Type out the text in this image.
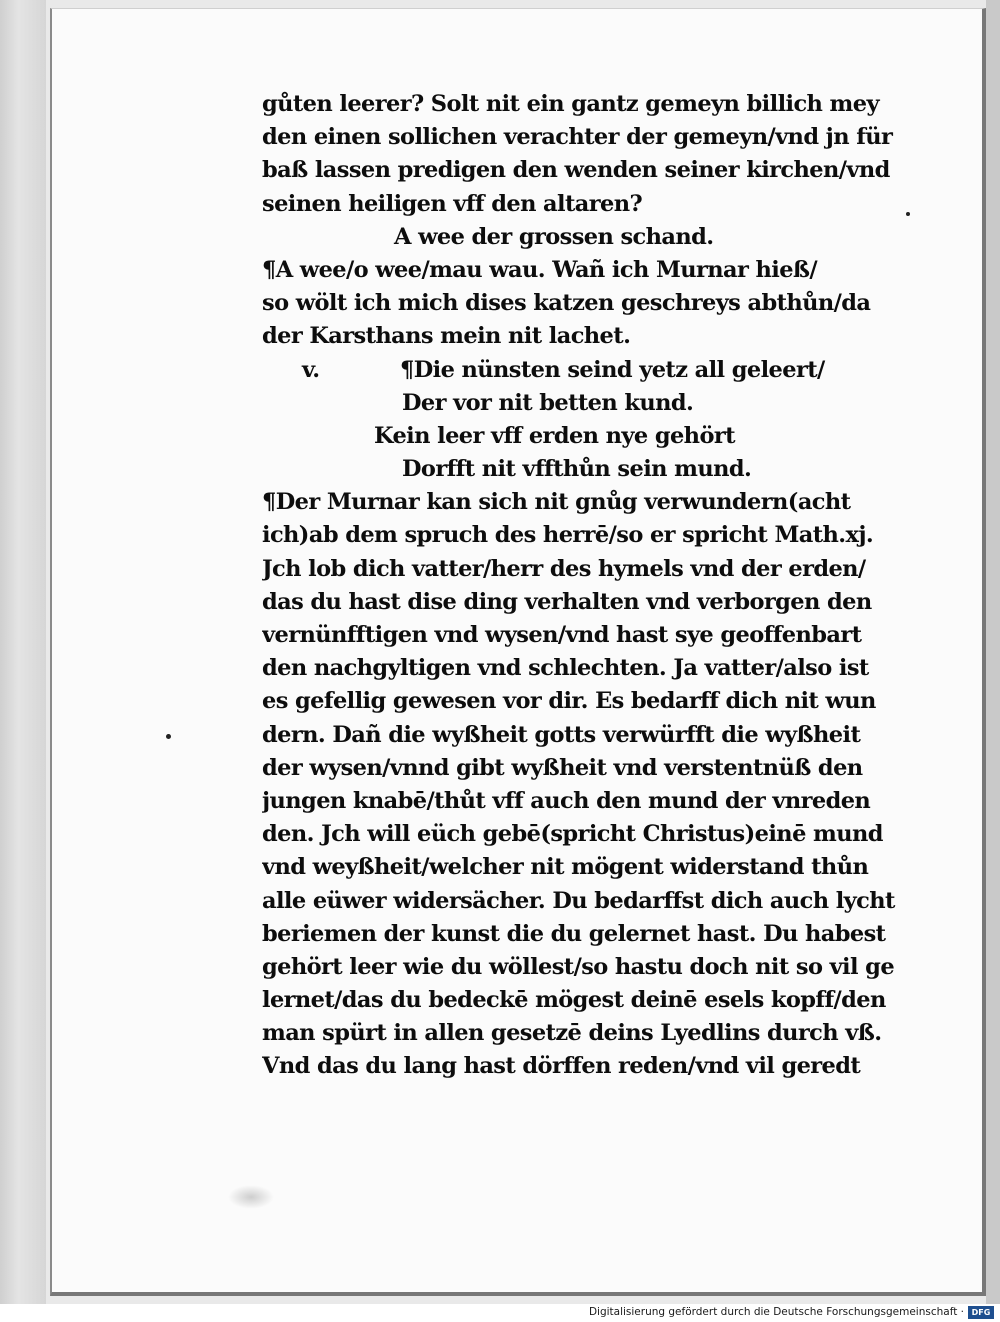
gůten leerer? Solt nit ein gantz gemeyn billich mey
den einen sollichen verachter der gemeyn/vnd jn für
baß lassen predigen den wenden seiner kirchen/vnd
seinen heiligen vff den altaren?
A wee der grossen schand.
¶A wee/o wee/mau wau. Wañ ich Murnar hieß/
so wölt ich mich dises katzen geschreys abthůn/da
der Karsthans mein nit lachet.
v.	¶Die nünsten seind yetz all geleert/
Der vor nit betten kund.
Kein leer vff erden nye gehört
Dorfft nit vffthůn sein mund.
¶Der Murnar kan sich nit gnůg verwundern(acht
ich)ab dem spruch des herrē/so er spricht Math.xj.
Jch lob dich vatter/herr des hymels vnd der erden/
das du hast dise ding verhalten vnd verborgen den
vernünfftigen vnd wysen/vnd hast sye geoffenbart
den nachgyltigen vnd schlechten. Ja vatter/also ist
es gefellig gewesen vor dir. Es bedarff dich nit wun
dern. Dañ die wyßheit gotts verwürfft die wyßheit
der wysen/vnnd gibt wyßheit vnd verstentnüß den
jungen knabē/thůt vff auch den mund der vnreden
den. Jch will eüch gebē(spricht Christus)einē mund
vnd weyßheit/welcher nit mögent widerstand thůn
alle eüwer widersächer. Du bedarffst dich auch lycht
beriemen der kunst die du gelernet hast. Du habest
gehört leer wie du wöllest/so hastu doch nit so vil ge
lernet/das du bedeckē mögest deinē esels kopff/den
man spürt in allen gesetzē deins Lyedlins durch vß.
Vnd das du lang hast dörffen reden/vnd vil geredt
Digitalisierung gefördert durch die Deutsche Forschungsgemeinschaft · DFG
